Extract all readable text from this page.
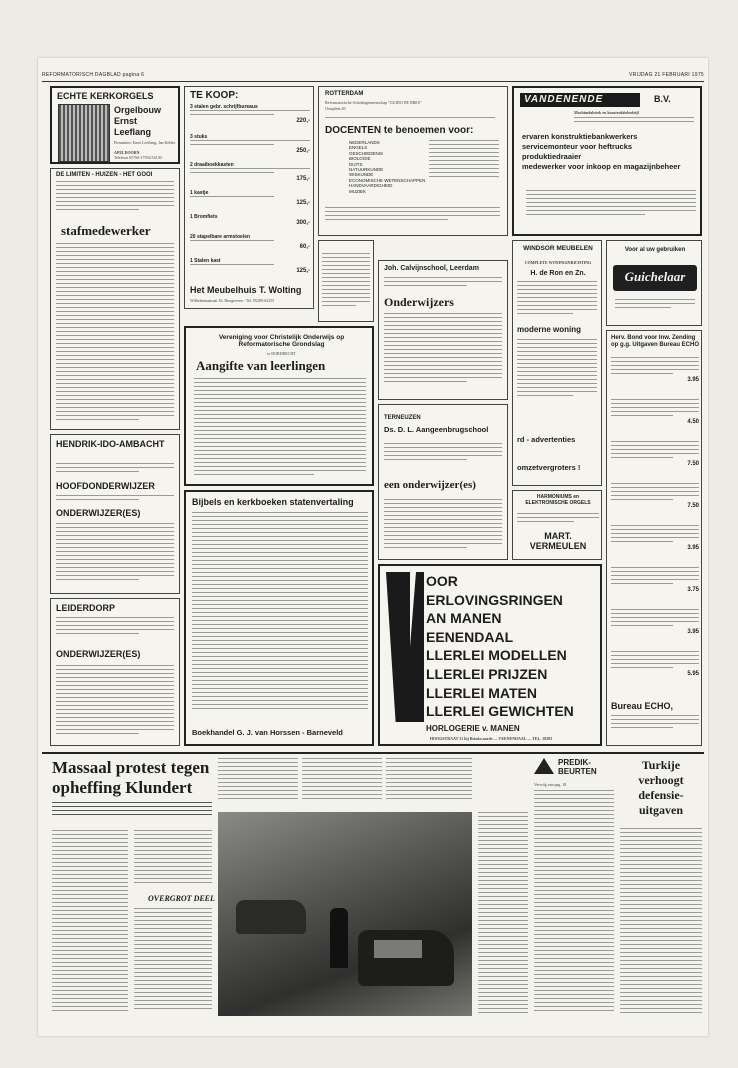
REFORMATORISCH DAGBLAD pagina 6	VRIJDAG 21 FEBRUARI 1975
ECHTE KERKORGELS
Orgelbouw Ernst Leeflang
Firmanten: Ernst Leeflang, Jan Kelder
APELDOORN
Telefoon 05760-17592/54130
TE KOOP:
3 stalen gebr. schrijfbureaus
220,-
3 stuks
250,-
2 draaiboekkasten
175,-
1 kastje
125,-
1 Bromfiets
300,-
20 stapelbare armstoelen
60,-
1 Stalen kast
125,-
Het Meubelhuis T. Wolting
Wilhelminastraat 16, Hoogeveen - Tel. 05280-62255
ROTTERDAM
Reformatorische Scholengemeenschap "GUIDO DE BRES"
Oostplein 49
DOCENTEN te benoemen voor:
NEDERLANDS
ENGELS
GESCHIEDENIS
BIOLOGIE
DUITS
NATUURKUNDE
WISKUNDE
ECONOMISCHE WETENSCHAPPEN
HANDVAARDIGHEID
MUZIEK
VANDENENDE	B.V.
Machinefabriek en konstruktiebedrijf
ervaren konstruktiebankwerkers
servicemonteur voor heftrucks
produktiedraaier
medewerker voor inkoop en magazijnbeheer
DE LIMITEN - HUIZEN - HET GOOI
stafmedewerker
Vereniging voor Christelijk Onderwijs op Reformatorische Grondslag
te DORDRECHT
Aangifte van leerlingen
Joh. Calvijnschool, Leerdam
Onderwijzers
WINDSOR MEUBELEN
COMPLETE WONINGINRICHTING
H. de Ron en Zn.
moderne woning
rd - advertenties
omzetvergroters !
Voor al uw gebruiken
Guichelaar
HENDRIK-IDO-AMBACHT
HOOFDONDERWIJZER
ONDERWIJZER(ES)
LEIDERDORP
ONDERWIJZER(ES)
Bijbels en kerkboeken statenvertaling
Boekhandel G. J. van Horssen - Barneveld
TERNEUZEN
Ds. D. L. Aangeenbrugschool
een onderwijzer(es)
HARMONIUMS en ELEKTRONISCHE ORGELS
MART. VERMEULEN
Herv. Bond voor Inw. Zending op g.g. Uitgaven Bureau ECHO
3.95
4.50
7.50
7.50
3.95
3.75
3.95
5.95
Bureau ECHO,
OOR
ERLOVINGSRINGEN
AN MANEN
EENENDAAL
LLERLEI MODELLEN
LLERLEI PRIJZEN
LLERLEI MATEN
LLERLEI GEWICHTEN
HORLOGERIE v. MANEN
HOOGSTRAAT 31 bij Brinkwaarde — VEENENDAAL — TEL. 18283
Massaal protest tegen opheffing Klundert
OVERGROT DEEL
PREDIK-BEURTEN
Vervolg van pag. 18
Turkije verhoogt defensie-uitgaven
